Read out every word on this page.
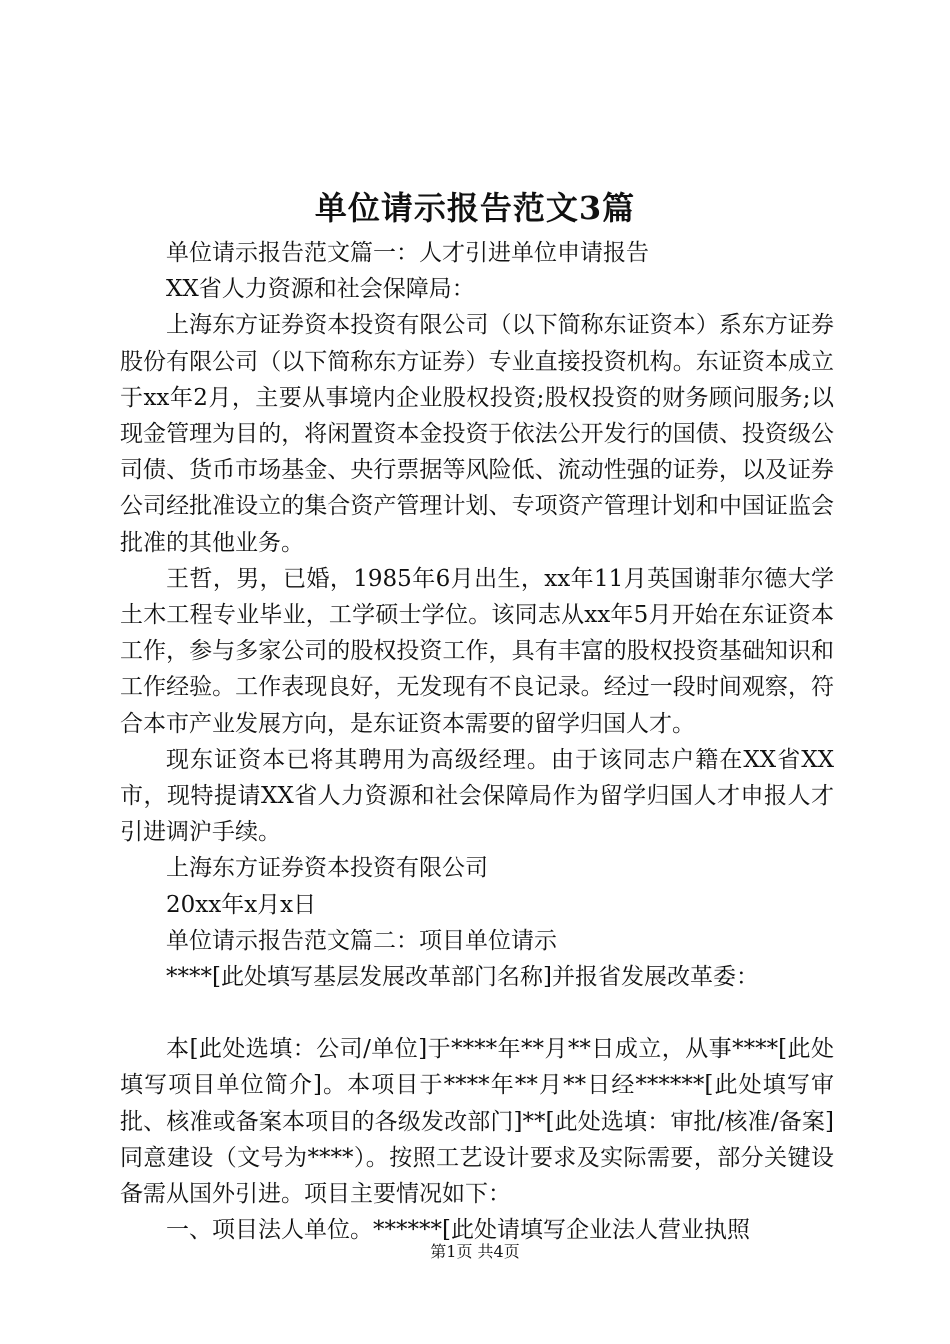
单位请示报告范文3篇

单位请示报告范文篇一：人才引进单位申请报告

XX省人力资源和社会保障局：

上海东方证券资本投资有限公司（以下简称东证资本）系东方证券股份有限公司（以下简称东方证券）专业直接投资机构。东证资本成立于xx年2月，主要从事境内企业股权投资;股权投资的财务顾问服务;以现金管理为目的，将闲置资本金投资于依法公开发行的国债、投资级公司债、货币市场基金、央行票据等风险低、流动性强的证券，以及证券公司经批准设立的集合资产管理计划、专项资产管理计划和中国证监会批准的其他业务。

王哲，男，已婚，1985年6月出生，xx年11月英国谢菲尔德大学土木工程专业毕业，工学硕士学位。该同志从xx年5月开始在东证资本工作，参与多家公司的股权投资工作，具有丰富的股权投资基础知识和工作经验。工作表现良好，无发现有不良记录。经过一段时间观察，符合本市产业发展方向，是东证资本需要的留学归国人才。

现东证资本已将其聘用为高级经理。由于该同志户籍在XX省XX市，现特提请XX省人力资源和社会保障局作为留学归国人才申报人才引进调沪手续。

上海东方证券资本投资有限公司

20xx年x月x日

单位请示报告范文篇二：项目单位请示

****[此处填写基层发展改革部门名称]并报省发展改革委：

本[此处选填：公司/单位]于****年**月**日成立，从事****[此处填写项目单位简介]。本项目于****年**月**日经******[此处填写审批、核准或备案本项目的各级发改部门]**[此处选填：审批/核准/备案]同意建设（文号为****）。按照工艺设计要求及实际需要，部分关键设备需从国外引进。项目主要情况如下：

一、项目法人单位。******[此处请填写企业法人营业执照

第1页 共4页
